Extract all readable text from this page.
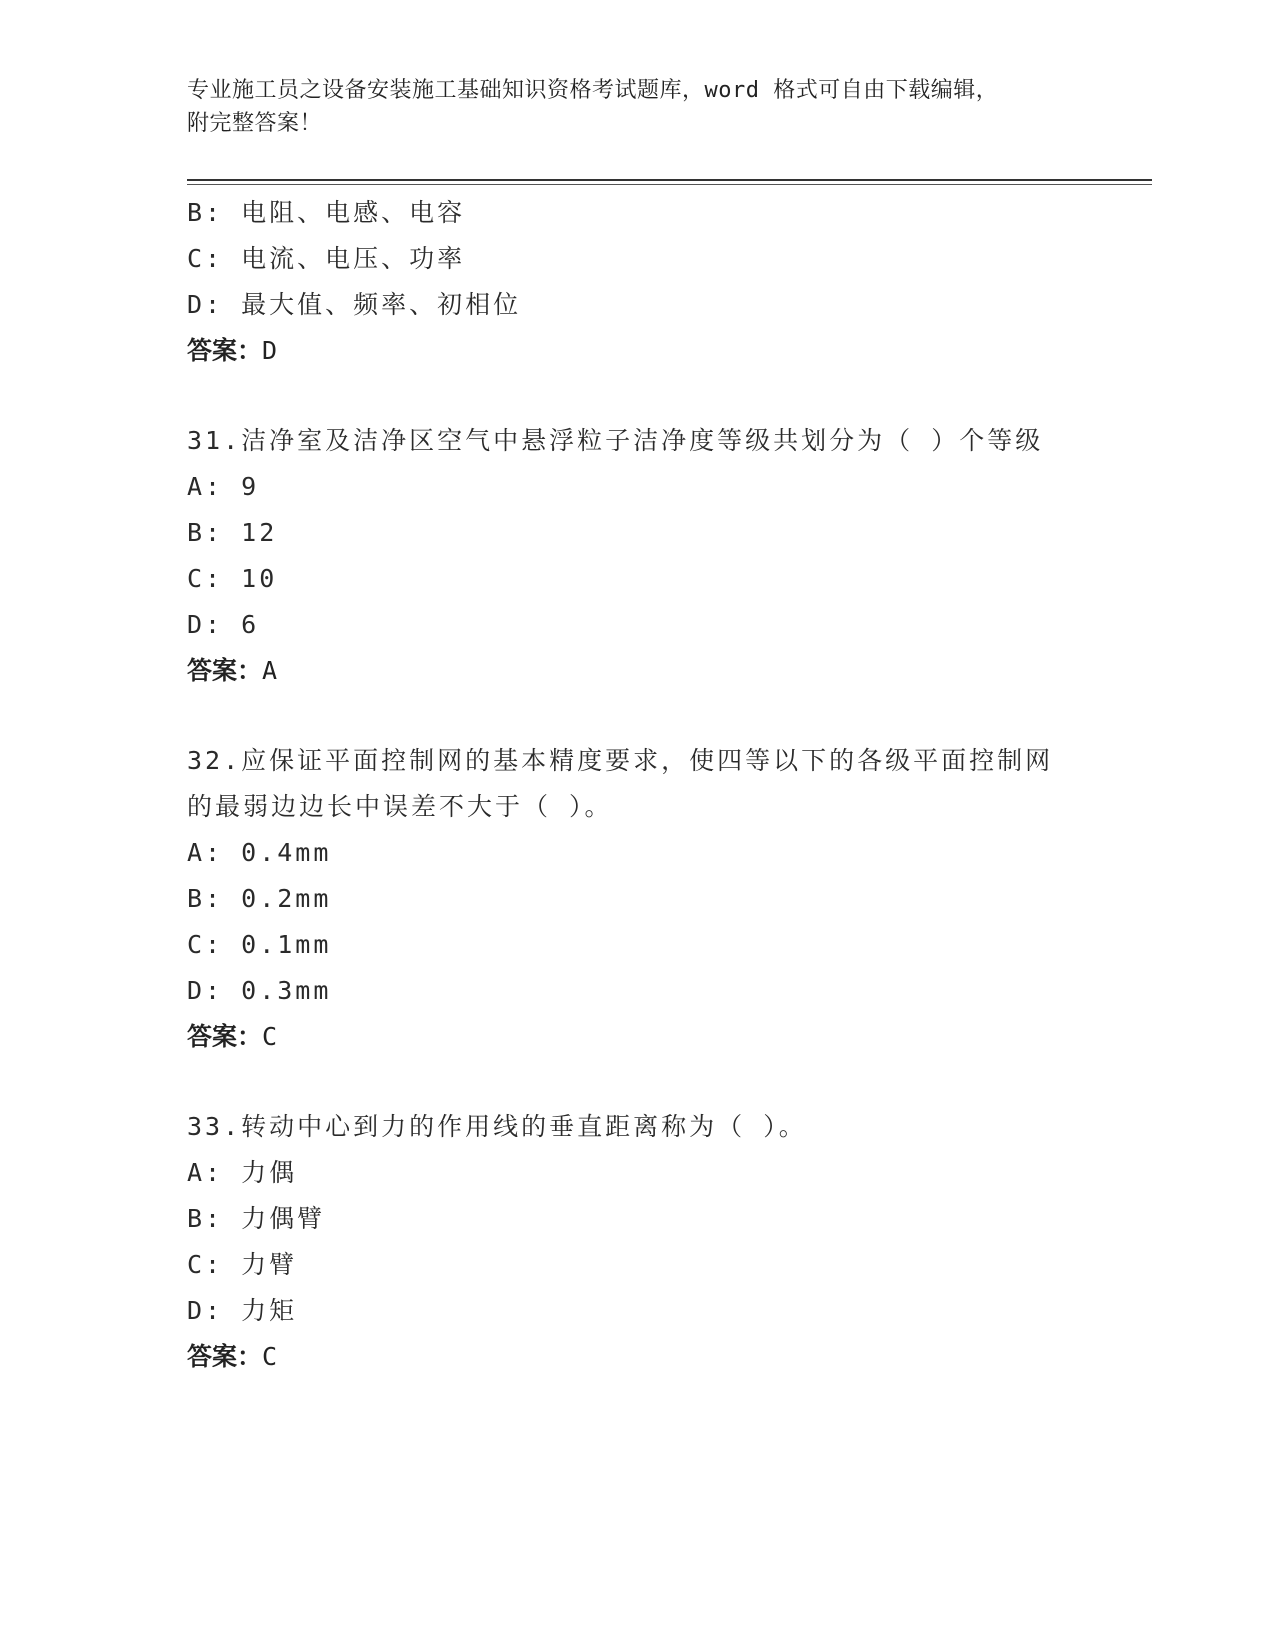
专业施工员之设备安装施工基础知识资格考试题库，word 格式可自由下载编辑，
附完整答案！
B: 电阻、电感、电容
C: 电流、电压、功率
D: 最大值、频率、初相位
答案：D
31.洁净室及洁净区空气中悬浮粒子洁净度等级共划分为（ ）个等级
A: 9
B: 12
C: 10
D: 6
答案：A
32.应保证平面控制网的基本精度要求，使四等以下的各级平面控制网
的最弱边边长中误差不大于（ ）。
A: 0.4mm
B: 0.2mm
C: 0.1mm
D: 0.3mm
答案：C
33.转动中心到力的作用线的垂直距离称为（ ）。
A: 力偶
B: 力偶臂
C: 力臂
D: 力矩
答案：C
